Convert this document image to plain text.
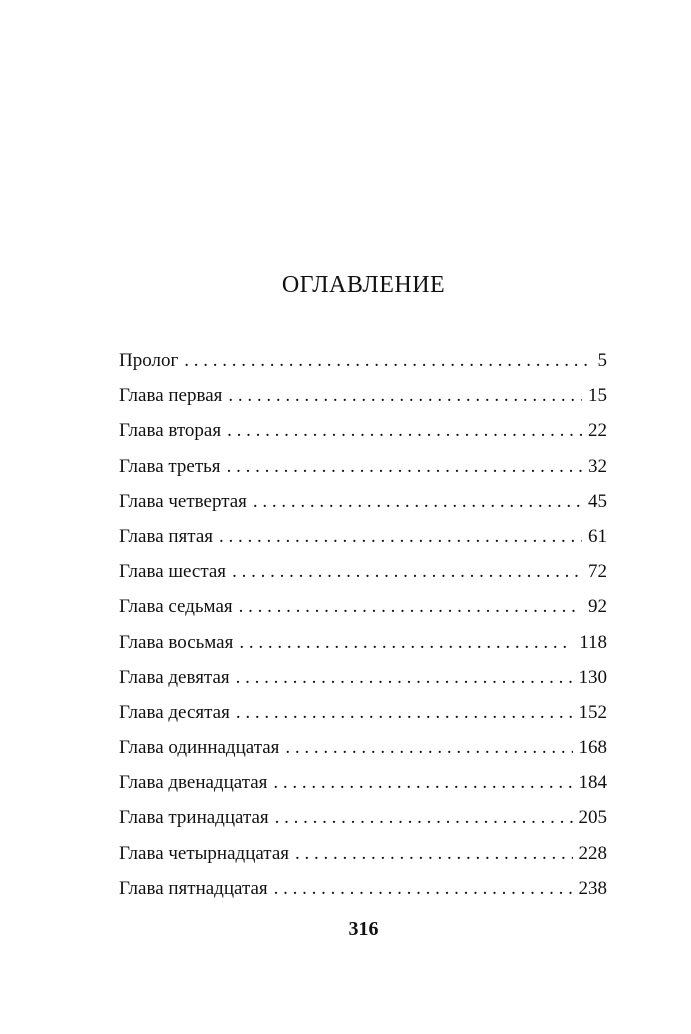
ОГЛАВЛЕНИЕ
Пролог . . .	5
Глава первая . . .	15
Глава вторая . . .	22
Глава третья . . .	32
Глава четвертая . . .	45
Глава пятая . . .	61
Глава шестая . . .	72
Глава седьмая . . .	92
Глава восьмая . . .	118
Глава девятая . . .	130
Глава десятая . . .	152
Глава одиннадцатая . . .	168
Глава двенадцатая . . .	184
Глава тринадцатая . . .	205
Глава четырнадцатая . . .	228
Глава пятнадцатая . . .	238
316
